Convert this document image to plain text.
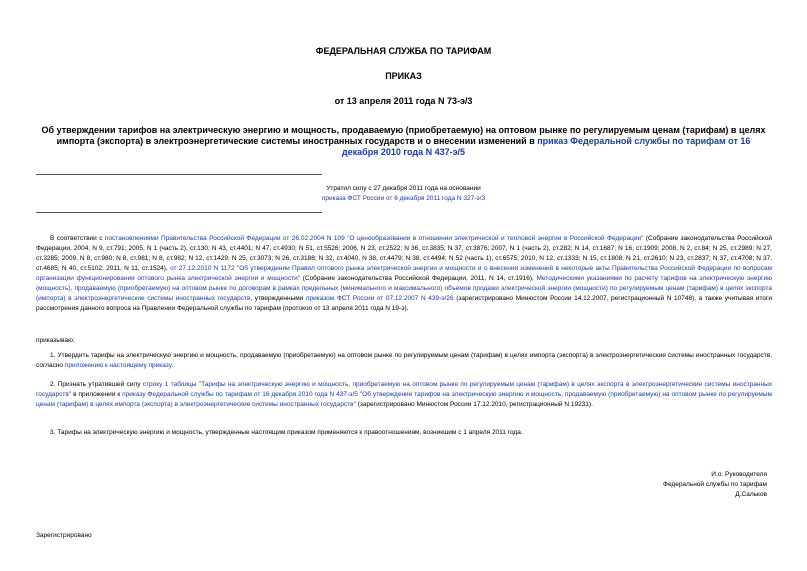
ФЕДЕРАЛЬНАЯ СЛУЖБА ПО ТАРИФАМ
ПРИКАЗ
от 13 апреля 2011 года N 73-э/3
Об утверждении тарифов на электрическую энергию и мощность, продаваемую (приобретаемую) на оптовом рынке по регулируемым ценам (тарифам) в целях импорта (экспорта) в электроэнергетические системы иностранных государств и о внесении изменений в приказ Федеральной службы по тарифам от 16 декабря 2010 года N 437-э/5
Утратил силу с 27 декабря 2011 года на основании
приказа ФСТ России от 6 декабря 2011 года N 327-э/3
В соответствии с постановлениями Правительства Российской Федерации от 26.02.2004 N 109 "О ценообразовании в отношении электрической и тепловой энергии в Российской Федерации" (Собрание законодательства Российской Федерации, 2004, N 9, ст.791; 2005, N 1 (часть 2), ст.130; N 43, ст.4401; N 47, ст.4930; N 51, ст.5526; 2006, N 23, ст.2522; N 36, ст.3835; N 37, ст.3876; 2007, N 1 (часть 2), ст.282; N 14, ст.1687; N 16, ст.1909; 2008, N 2, ст.84; N 25, ст.2989; N 27, ст.3285; 2009, N 8, ст.980; N 8, ст.981; N 8, ст.982; N 12, ст.1429; N 25, ст.3073; N 26, ст.3188; N 32, ст.4040, N 38, ст.4479; N 38, ст.4494; N 52 (часть 1), ст.6575; 2010, N 12, ст.1333; N 15, ст.1808; N 21, ст.2610; N 23, ст.2837; N 37, ст.4708; N 37, ст.4685; N 40, ст.5102; 2011, N 11, ст.1524), от 27.12.2010 N 1172 "Об утверждении Правил оптового рынка электрической энергии и мощности и о внесении изменений в некоторые акты Правительства Российской Федерации по вопросам организации функционирования оптового рынка электрической энергии и мощности" (Собрание законодательства Российской Федерации, 2011, N 14, ст.1916), Методическими указаниями по расчету тарифов на электрическую энергию (мощность), продаваемую (приобретаемую) на оптовом рынке по договорам в рамках предельных (минимального и максимального) объемов продажи электрической энергии (мощности) по регулируемым ценам (тарифам) в целях экспорта (импорта) в электроэнергетические системы иностранных государств, утвержденными приказом ФСТ России от 07.12.2007 N 439-э/26 (зарегистрировано Минюстом России 14.12.2007, регистрационный N 10748), а также учитывая итоги рассмотрения данного вопроса на Правлении Федеральной службы по тарифам (протокол от 13 апреля 2011 года N 19-э),
приказываю:
1. Утвердить тарифы на электрическую энергию и мощность, продаваемую (приобретаемую) на оптовом рынке по регулируемым ценам (тарифам) в целях импорта (экспорта) в электроэнергетические системы иностранных государств, согласно приложению к настоящему приказу.
2. Признать утратившей силу строку 1 таблицы "Тарифы на электрическую энергию и мощность, приобретаемую на оптовом рынке по регулируемым ценам (тарифам) в целях экспорта в электроэнергетические системы иностранных государств" в приложении к приказу Федеральной службы по тарифам от 16 декабря 2010 года N 437-э/5 "Об утверждении тарифов на электрическую энергию и мощность, продаваемую (приобретаемую) на оптовом рынке по регулируемым ценам (тарифам) в целях импорта (экспорта) в электроэнергетические системы иностранных государств" (зарегистрировано Минюстом России 17.12.2010, регистрационный N 19231).
3. Тарифы на электрическую энергию и мощность, утвержденные настоящим приказом применяются к правоотношениям, возникшим с 1 апреля 2011 года.
И.о. Руководителя
Федеральной службы по тарифам
Д.Сальков
Зарегистрировано
